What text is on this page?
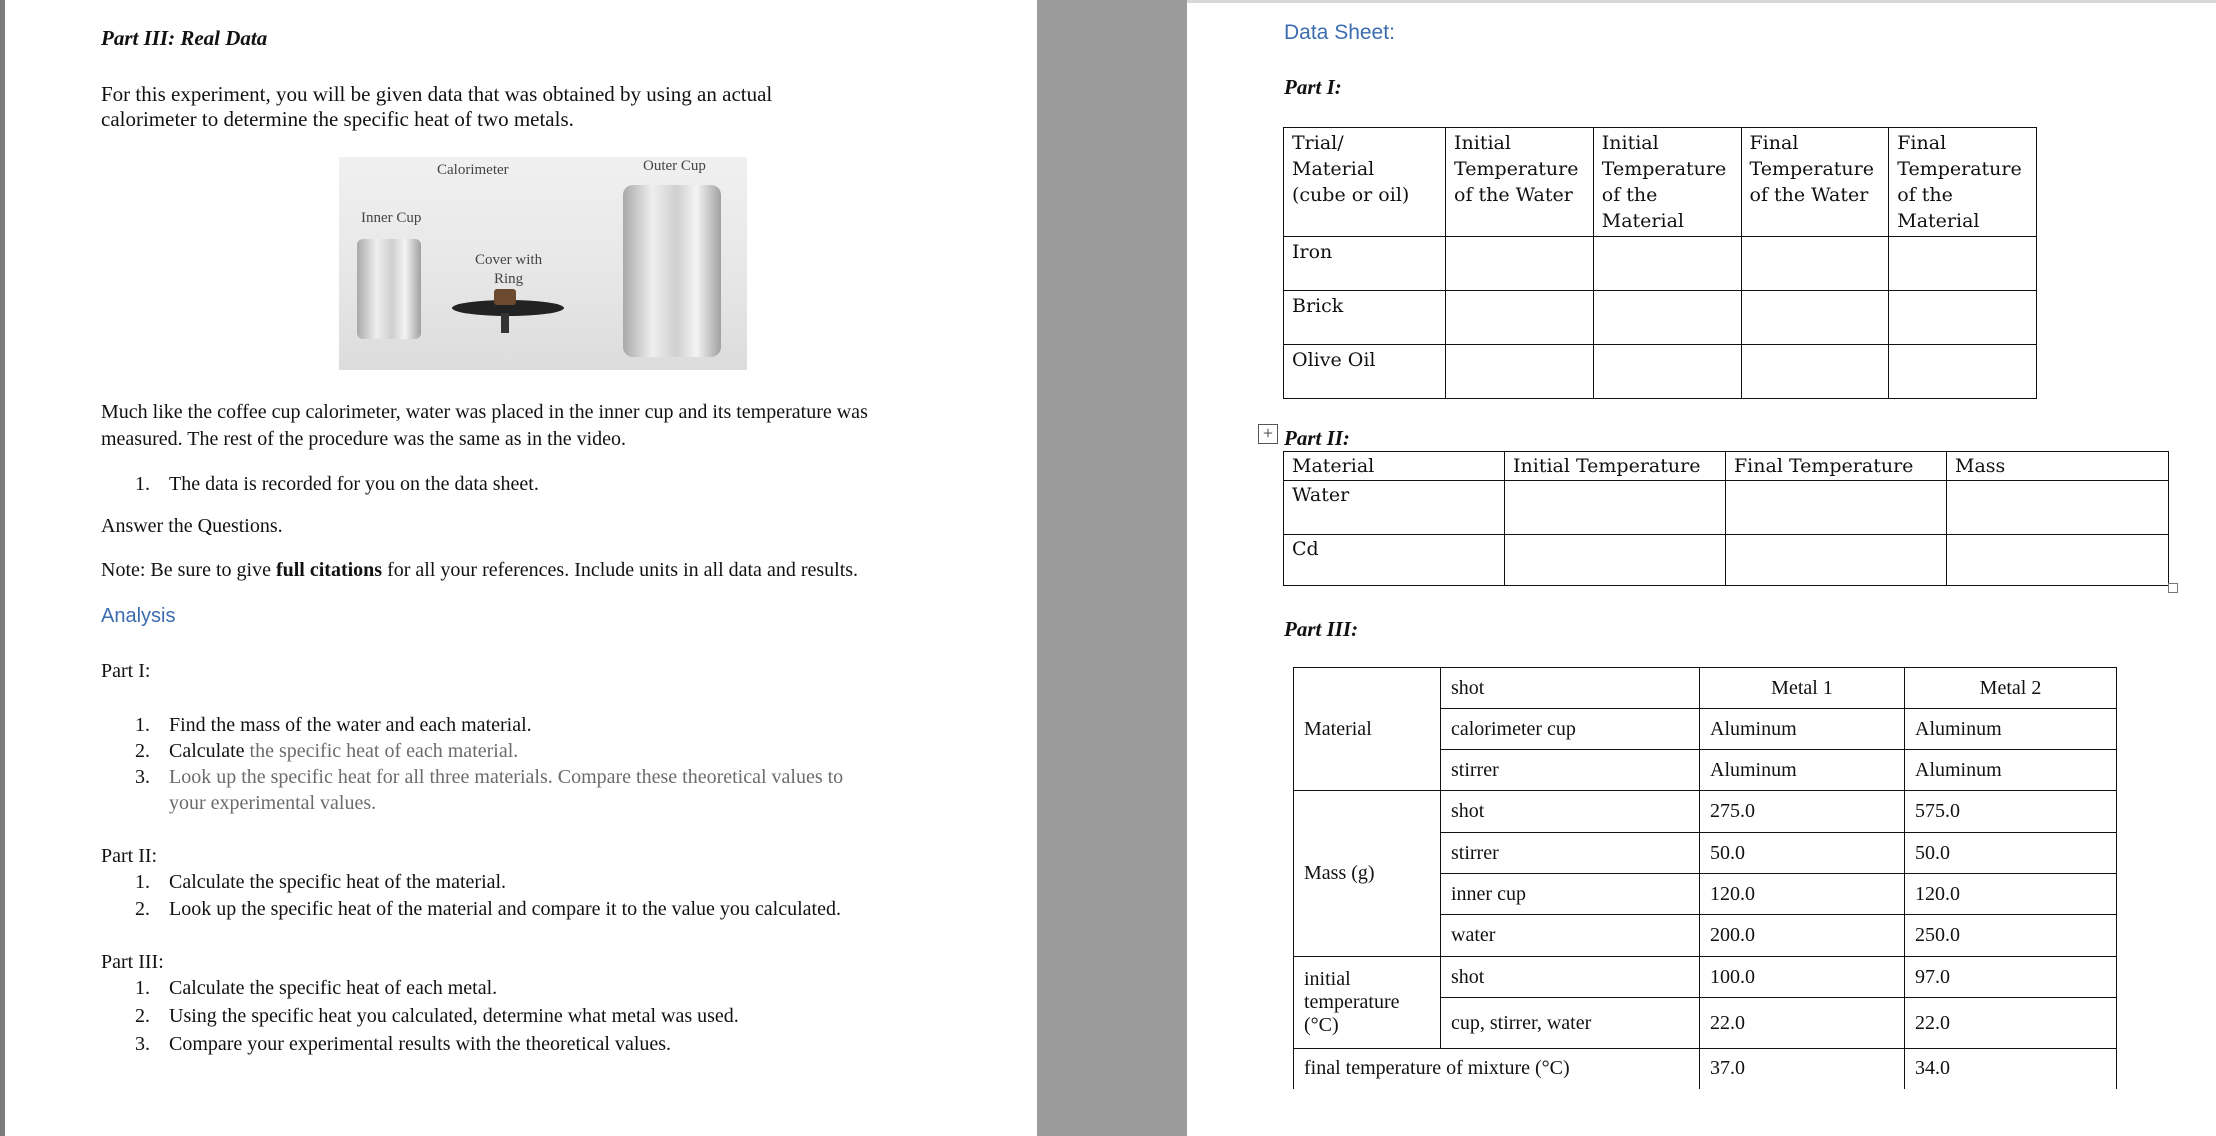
Part III: Real Data
For this experiment, you will be given data that was obtained by using an actual
calorimeter to determine the specific heat of two metals.
Calorimeter	Outer Cup
Inner Cup
Cover with
Ring
Much like the coffee cup calorimeter, water was placed in the inner cup and its temperature was
measured. The rest of the procedure was the same as in the video.
1. The data is recorded for you on the data sheet.
Answer the Questions.
Note: Be sure to give full citations for all your references. Include units in all data and results.
Analysis
Part I:
1. Find the mass of the water and each material.
2. Calculate the specific heat of each material.
3. Look up the specific heat for all three materials. Compare these theoretical values to
your experimental values.
Part II:
1. Calculate the specific heat of the material.
2. Look up the specific heat of the material and compare it to the value you calculated.
Part III:
1. Calculate the specific heat of each metal.
2. Using the specific heat you calculated, determine what metal was used.
3. Compare your experimental results with the theoretical values.
Data Sheet:
Part I:
Trial/
Material
(cube or oil)	Initial
Temperature
of the Water	Initial
Temperature
of the
Material	Final
Temperature
of the Water	Final
Temperature
of the
Material
Iron				
Brick				
Olive Oil				
Part II:
Material	Initial Temperature	Final Temperature	Mass
Water			
Cd			
Part III:
Material	shot	Metal 1	Metal 2
	calorimeter cup	Aluminum	Aluminum
	stirrer	Aluminum	Aluminum
Mass (g)	shot	275.0	575.0
	stirrer	50.0	50.0
	inner cup	120.0	120.0
	water	200.0	250.0
initial
temperature
(°C)	shot	100.0	97.0
	cup, stirrer, water	22.0	22.0
final temperature of mixture (°C)		37.0	34.0
+
